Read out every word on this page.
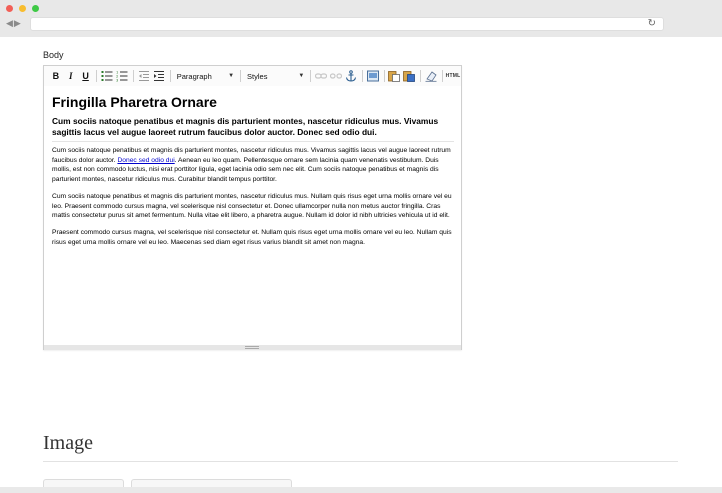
◀▶	↻
Body
B	I	U	1
2
3
Paragraph	▼ Styles	▼	HTML
Fringilla Pharetra Ornare
Cum sociis natoque penatibus et magnis dis parturient montes, nascetur ridiculus mus. Vivamus sagittis lacus vel augue laoreet rutrum faucibus dolor auctor. Donec sed odio dui.

Cum sociis natoque penatibus et magnis dis parturient montes, nascetur ridiculus mus. Vivamus sagittis lacus vel augue laoreet rutrum faucibus dolor auctor. Donec sed odio dui. Aenean eu leo quam. Pellentesque ornare sem lacinia quam venenatis vestibulum. Duis mollis, est non commodo luctus, nisi erat porttitor ligula, eget lacinia odio sem nec elit. Cum sociis natoque penatibus et magnis dis parturient montes, nascetur ridiculus mus. Curabitur blandit tempus porttitor.

Cum sociis natoque penatibus et magnis dis parturient montes, nascetur ridiculus mus. Nullam quis risus eget urna mollis ornare vel eu leo. Praesent commodo cursus magna, vel scelerisque nisl consectetur et. Donec ullamcorper nulla non metus auctor fringilla. Cras mattis consectetur purus sit amet fermentum. Nulla vitae elit libero, a pharetra augue. Nullam id dolor id nibh ultricies vehicula ut id elit.

Praesent commodo cursus magna, vel scelerisque nisl consectetur et. Nullam quis risus eget urna mollis ornare vel eu leo. Nullam quis risus eget urna mollis ornare vel eu leo. Maecenas sed diam eget risus varius blandit sit amet non magna.

Image
